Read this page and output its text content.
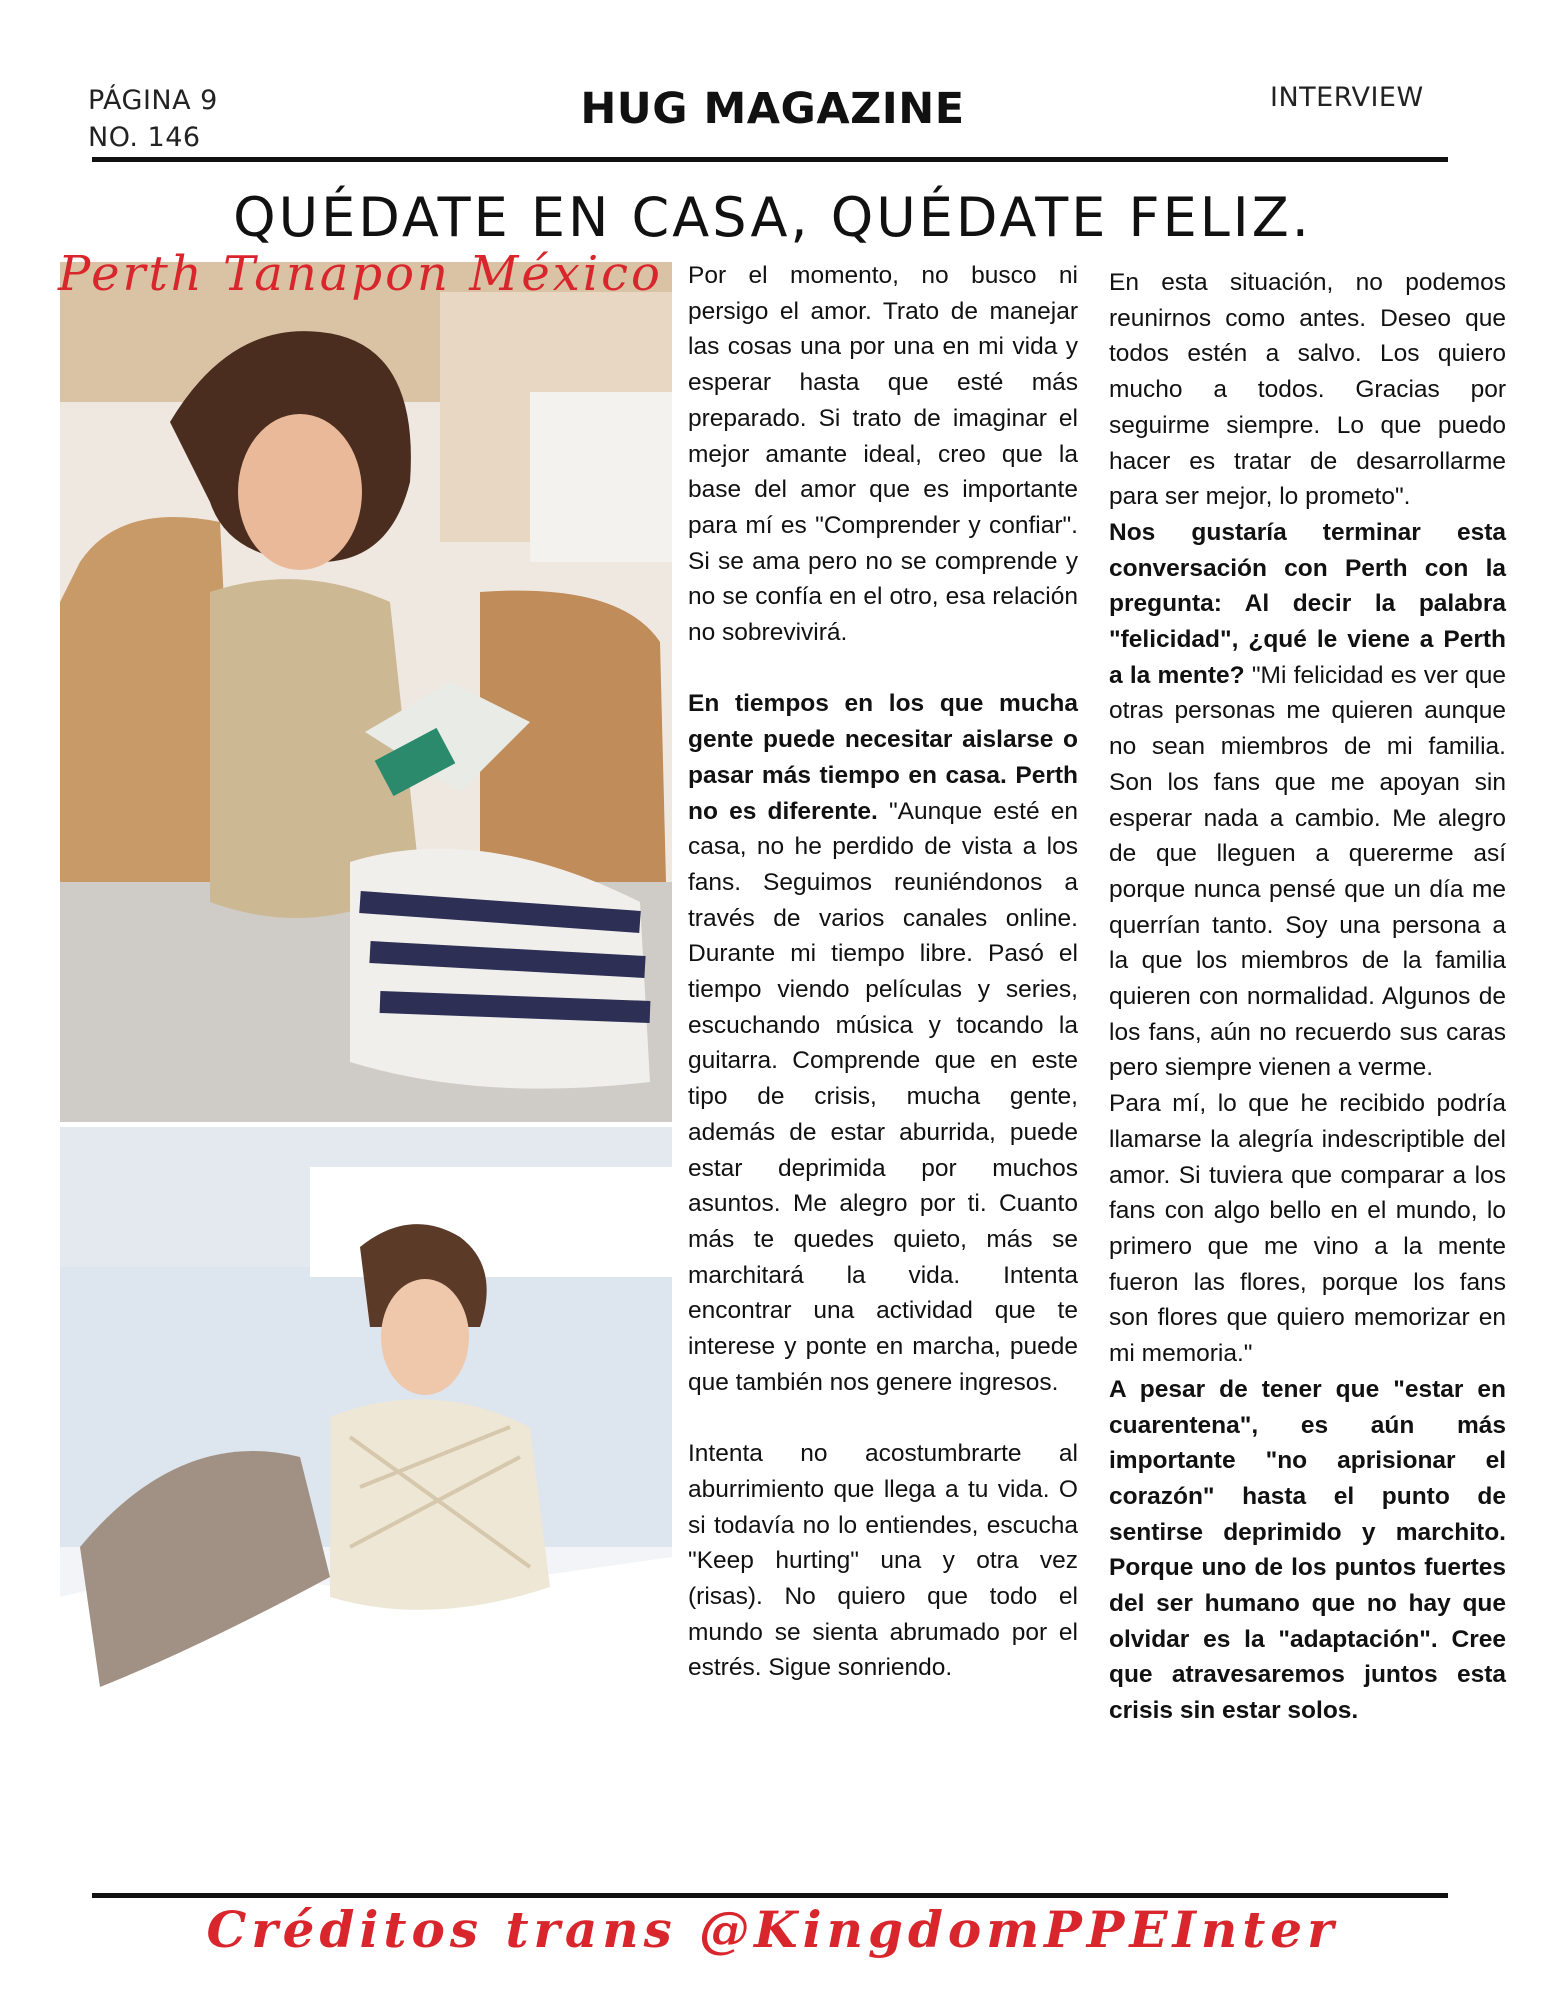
PÁGINA 9
NO. 146
HUG MAGAZINE	INTERVIEW
QUÉDATE EN CASA, QUÉDATE FELIZ.
Perth Tanapon México	Por el momento, no busco ni persigo el amor. Trato de manejar las cosas una por una en mi vida y esperar hasta que esté más preparado. Si trato de imaginar el mejor amante ideal, creo que la base del amor que es importante para mí es "Comprender y confiar". Si se ama pero no se comprende y no se confía en el otro, esa relación no sobrevivirá.

En tiempos en los que mucha gente puede necesitar aislarse o pasar más tiempo en casa. Perth no es diferente. "Aunque esté en casa, no he perdido de vista a los fans. Seguimos reuniéndonos a través de varios canales online. Durante mi tiempo libre. Pasó el tiempo viendo películas y series, escuchando música y tocando la guitarra. Comprende que en este tipo de crisis, mucha gente, además de estar aburrida, puede estar deprimida por muchos asuntos. Me alegro por ti. Cuanto más te quedes quieto, más se marchitará la vida. Intenta encontrar una actividad que te interese y ponte en marcha, puede que también nos genere ingresos.

Intenta no acostumbrarte al aburrimiento que llega a tu vida. O si todavía no lo entiendes, escucha "Keep hurting" una y otra vez (risas). No quiero que todo el mundo se sienta abrumado por el estrés. Sigue sonriendo.

En esta situación, no podemos reunirnos como antes. Deseo que todos estén a salvo. Los quiero mucho a todos. Gracias por seguirme siempre. Lo que puedo hacer es tratar de desarrollarme para ser mejor, lo prometo".

Nos gustaría terminar esta conversación con Perth con la pregunta: Al decir la palabra "felicidad", ¿qué le viene a Perth a la mente? "Mi felicidad es ver que otras personas me quieren aunque no sean miembros de mi familia. Son los fans que me apoyan sin esperar nada a cambio. Me alegro de que lleguen a quererme así porque nunca pensé que un día me querrían tanto. Soy una persona a la que los miembros de la familia quieren con normalidad. Algunos de los fans, aún no recuerdo sus caras pero siempre vienen a verme.

Para mí, lo que he recibido podría llamarse la alegría indescriptible del amor. Si tuviera que comparar a los fans con algo bello en el mundo, lo primero que me vino a la mente fueron las flores, porque los fans son flores que quiero memorizar en mi memoria."

A pesar de tener que "estar en cuarentena", es aún más importante "no aprisionar el corazón" hasta el punto de sentirse deprimido y marchito. Porque uno de los puntos fuertes del ser humano que no hay que olvidar es la "adaptación". Cree que atravesaremos juntos esta crisis sin estar solos.

Créditos trans @KingdomPPEInter
